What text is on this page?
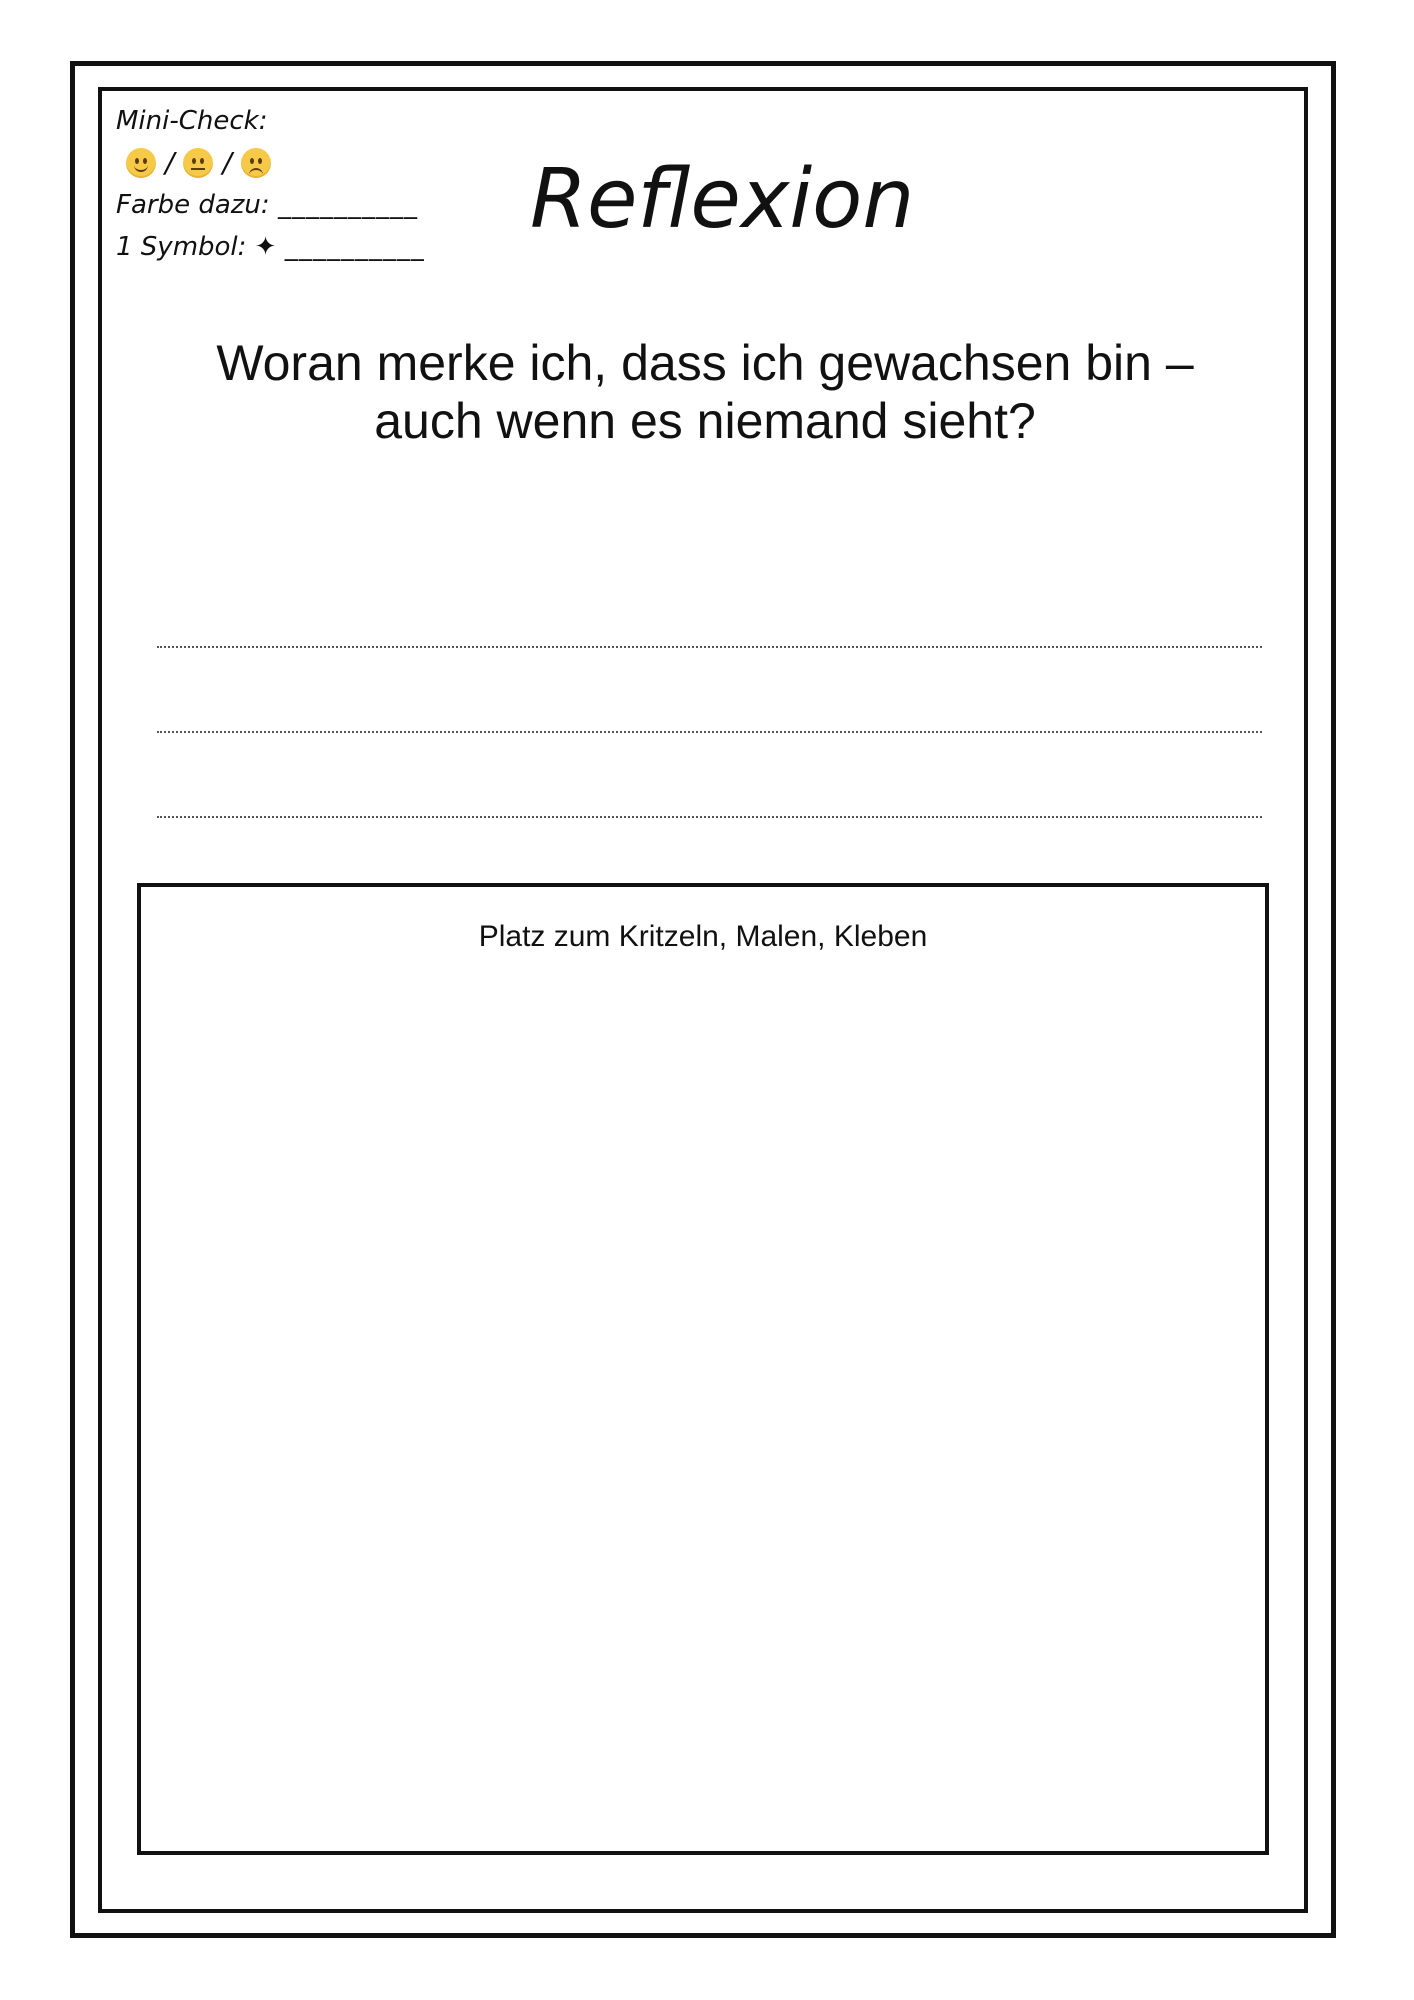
Mini-Check:
/ /
Farbe dazu:
__________
1 Symbol: ✦
__________ Reflexion
Woran merke ich, dass ich gewachsen bin –
auch wenn es niemand sieht?
Platz zum Kritzeln, Malen, Kleben
